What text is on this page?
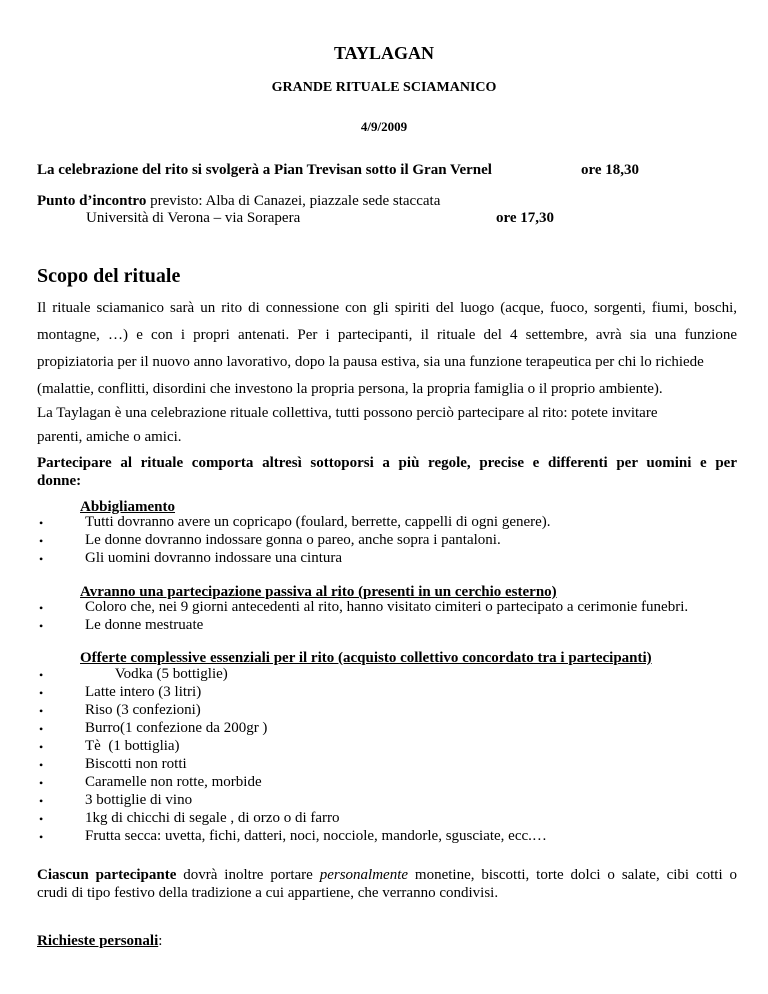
TAYLAGAN
GRANDE RITUALE SCIAMANICO
4/9/2009
La celebrazione del rito si svolgerà a Pian Trevisan sotto il Gran Vernel	ore 18,30
Punto d’incontro previsto: Alba di Canazei, piazzale sede staccata
Università di Verona – via Sorapera	ore 17,30
Scopo del rituale
Partecipare al rituale comporta altresì sottoporsi a più regole, precise e differenti per uomini e per
donne:
Abbigliamento
Avranno una partecipazione passiva al rito (presenti in un cerchio esterno)
Offerte complessive essenziali per il rito (acquisto collettivo concordato tra i partecipanti)
Ciascun partecipante dovrà inoltre portare personalmente monetine, biscotti, torte dolci o salate, cibi cotti o
crudi di tipo festivo della tradizione a cui appartiene, che verranno condivisi.
Richieste personali:
Il rituale sciamanico sarà un rito di connessione con gli spiriti del luogo (acque, fuoco, sorgenti, fiumi, boschi,
montagne, …) e con i propri antenati. Per i partecipanti, il rituale del 4 settembre, avrà sia una funzione
propiziatoria per il nuovo anno lavorativo, dopo la pausa estiva, sia una funzione terapeutica per chi lo richiede
(malattie, conflitti, disordini che investono la propria persona, la propria famiglia o il proprio ambiente).
La Taylagan è una celebrazione rituale collettiva, tutti possono perciò partecipare al rito: potete invitare
parenti, amiche o amici.
•	Tutti dovranno avere un copricapo (foulard, berrette, cappelli di ogni genere).
•	Le donne dovranno indossare gonna o pareo, anche sopra i pantaloni.
•	Gli uomini dovranno indossare una cintura
•	Coloro che, nei 9 giorni antecedenti al rito, hanno visitato cimiteri o partecipato a cerimonie funebri.
•	Le donne mestruate
•	Vodka (5 bottiglie)
•	Latte intero (3 litri)
•	Riso (3 confezioni)
•	Burro(1 confezione da 200gr )
•	Tè  (1 bottiglia)
•	Biscotti non rotti
•	Caramelle non rotte, morbide
•	3 bottiglie di vino
•	1kg di chicchi di segale , di orzo o di farro
•	Frutta secca: uvetta, fichi, datteri, noci, nocciole, mandorle, sgusciate, ecc.…
